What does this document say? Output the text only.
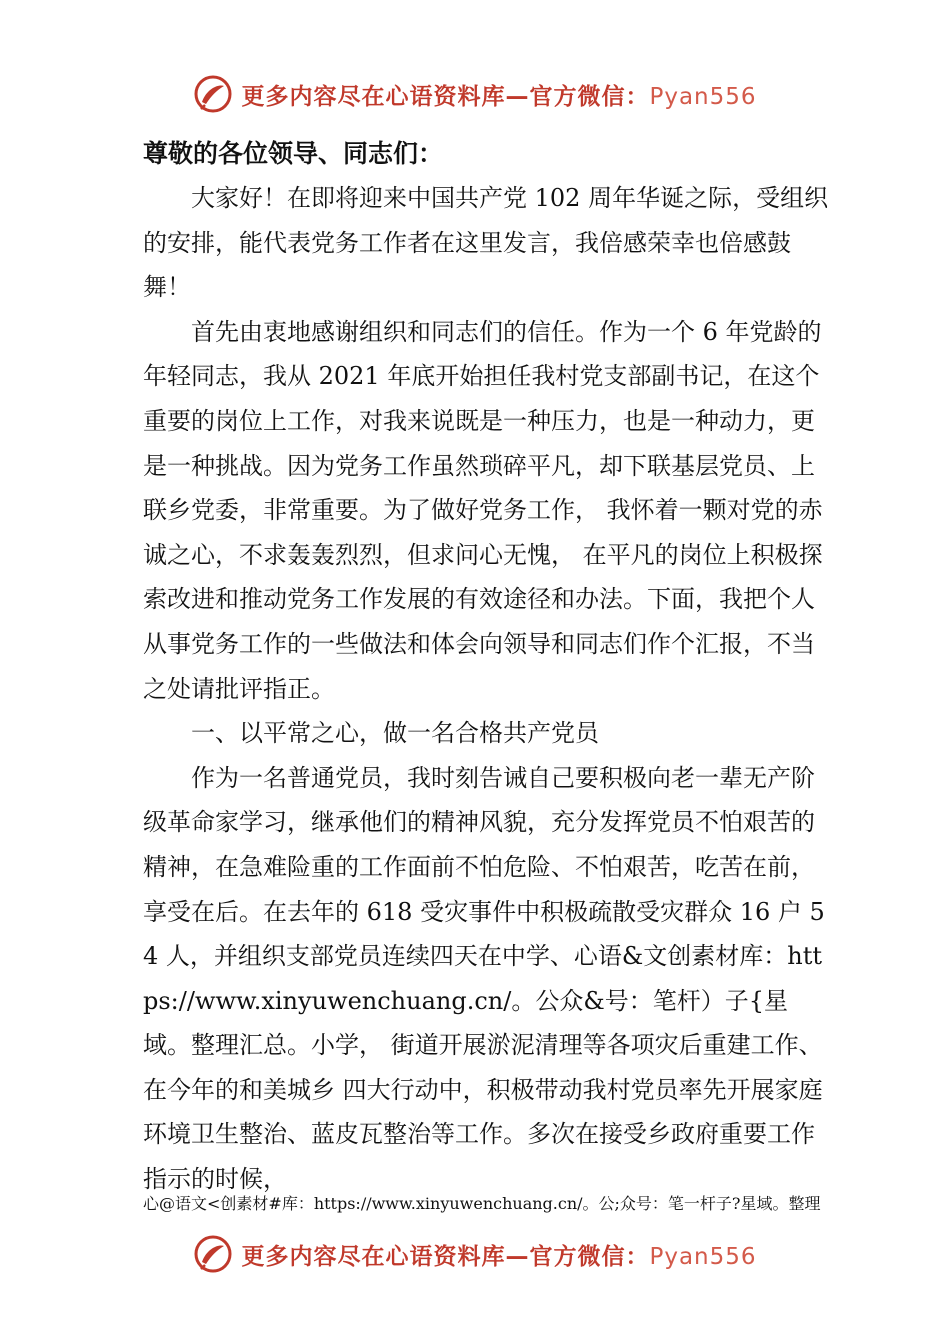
更多内容尽在心语资料库—官方微信：Pyan556

尊敬的各位领导、同志们：

大家好！在即将迎来中国共产党 102 周年华诞之际，受组织的安排，能代表党务工作者在这里发言，我倍感荣幸也倍感鼓舞！

首先由衷地感谢组织和同志们的信任。作为一个 6 年党龄的年轻同志，我从 2021 年底开始担任我村党支部副书记，在这个重要的岗位上工作，对我来说既是一种压力，也是一种动力，更是一种挑战。因为党务工作虽然琐碎平凡，却下联基层党员、上联乡党委，非常重要。为了做好党务工作， 我怀着一颗对党的赤诚之心，不求轰轰烈烈，但求问心无愧， 在平凡的岗位上积极探索改进和推动党务工作发展的有效途径和办法。下面，我把个人从事党务工作的一些做法和体会向领导和同志们作个汇报，不当之处请批评指正。

一、以平常之心，做一名合格共产党员

作为一名普通党员，我时刻告诫自己要积极向老一辈无产阶级革命家学习，继承他们的精神风貌，充分发挥党员不怕艰苦的精神，在急难险重的工作面前不怕危险、不怕艰苦，吃苦在前，享受在后。在去年的 618 受灾事件中积极疏散受灾群众 16 户 54 人，并组织支部党员连续四天在中学、心语&文创素材库：https://www.xinyuwenchuang.cn/。公众&号：笔杆）子{星域。整理汇总。小学， 街道开展淤泥清理等各项灾后重建工作、在今年的和美城乡 四大行动中，积极带动我村党员率先开展家庭环境卫生整治、蓝皮瓦整治等工作。多次在接受乡政府重要工作指示的时候，

心@语文<创素材#库：https://www.xinyuwenchuang.cn/。公;众号：笔一杆子?星域。整理
更多内容尽在心语资料库—官方微信：Pyan556
